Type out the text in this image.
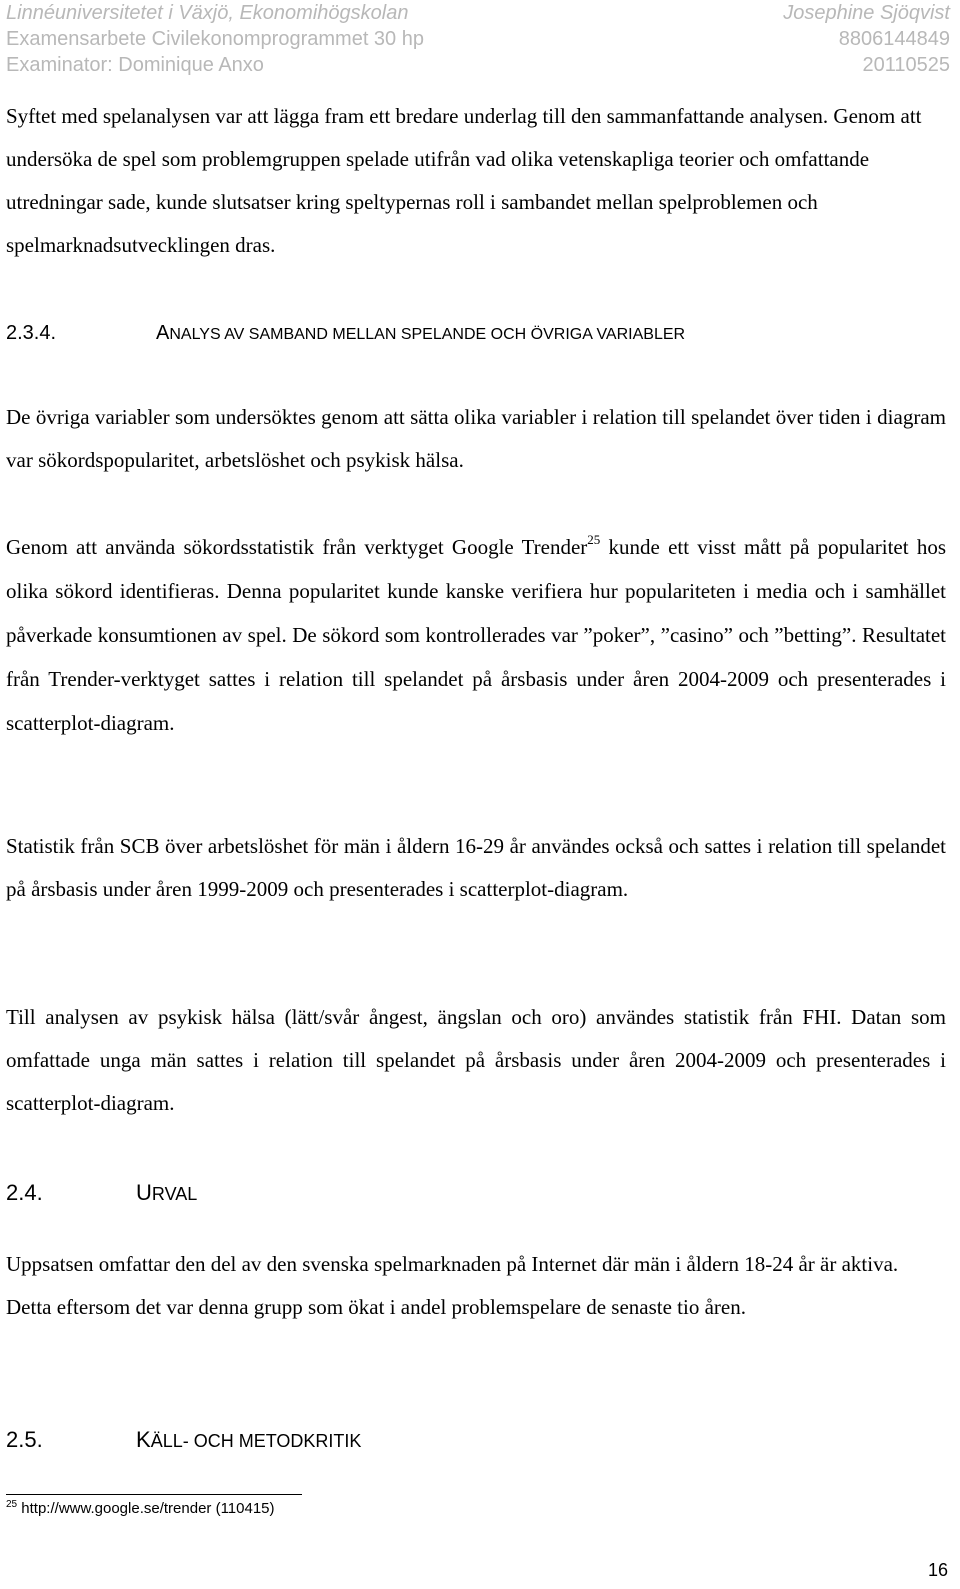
Linnéuniversitetet i Växjö, Ekonomihögskolan	Josephine Sjöqvist
Examensarbete Civilekonomprogrammet 30 hp	8806144849
Examinator: Dominique Anxo	20110525

Syftet med spelanalysen var att lägga fram ett bredare underlag till den sammanfattande analysen. Genom att undersöka de spel som problemgruppen spelade utifrån vad olika vetenskapliga teorier och omfattande utredningar sade, kunde slutsatser kring speltypernas roll i sambandet mellan spelproblemen och spelmarknadsutvecklingen dras.

2.3.4.	ANALYS AV SAMBAND MELLAN SPELANDE OCH ÖVRIGA VARIABLER

De övriga variabler som undersöktes genom att sätta olika variabler i relation till spelandet över tiden i diagram var sökordspopularitet, arbetslöshet och psykisk hälsa.

Genom att använda sökordsstatistik från verktyget Google Trender$^{25}$ kunde ett visst mått på popularitet hos olika sökord identifieras. Denna popularitet kunde kanske verifiera hur populariteten i media och i samhället påverkade konsumtionen av spel. De sökord som kontrollerades var ”poker”, ”casino” och ”betting”. Resultatet från Trender-verktyget sattes i relation till spelandet på årsbasis under åren 2004-2009 och presenterades i scatterplot-diagram.

Statistik från SCB över arbetslöshet för män i åldern 16-29 år användes också och sattes i relation till spelandet på årsbasis under åren 1999-2009 och presenterades i scatterplot-diagram.

Till analysen av psykisk hälsa (lätt/svår ångest, ängslan och oro) användes statistik från FHI. Datan som omfattade unga män sattes i relation till spelandet på årsbasis under åren 2004-2009 och presenterades i scatterplot-diagram.

2.4.	URVAL

Uppsatsen omfattar den del av den svenska spelmarknaden på Internet där män i åldern 18-24 år är aktiva. Detta eftersom det var denna grupp som ökat i andel problemspelare de senaste tio åren.

2.5.	KÄLL- OCH METODKRITIK
$^{25}$ http://www.google.se/trender (110415)
16
